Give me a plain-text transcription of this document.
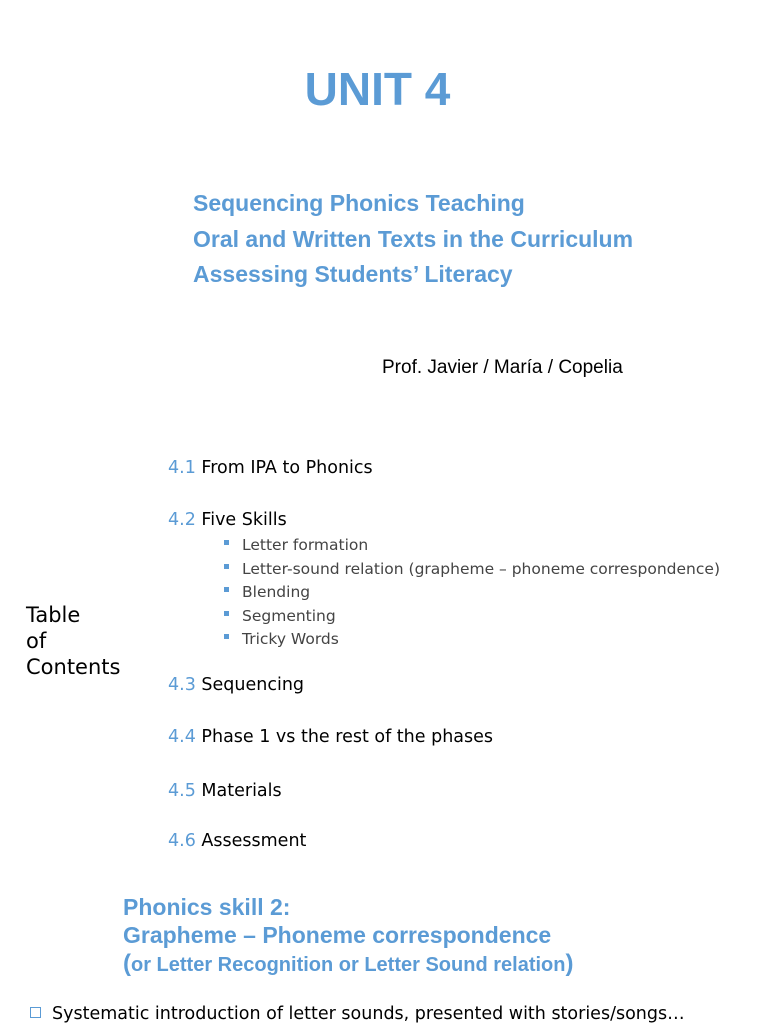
UNIT 4
Sequencing Phonics Teaching
Oral and Written Texts in the Curriculum
Assessing Students’ Literacy
Prof. Javier / María / Copelia
Table
of
Contents
4.1 From IPA to Phonics
4.2 Five Skills
Letter formation
Letter-sound relation (grapheme – phoneme correspondence)
Blending
Segmenting
Tricky Words
4.3 Sequencing
4.4 Phase 1 vs the rest of the phases
4.5 Materials
4.6 Assessment
Phonics skill 2:
Grapheme – Phoneme correspondence
(or Letter Recognition or Letter Sound relation)
Systematic introduction of letter sounds, presented with stories/songs…
